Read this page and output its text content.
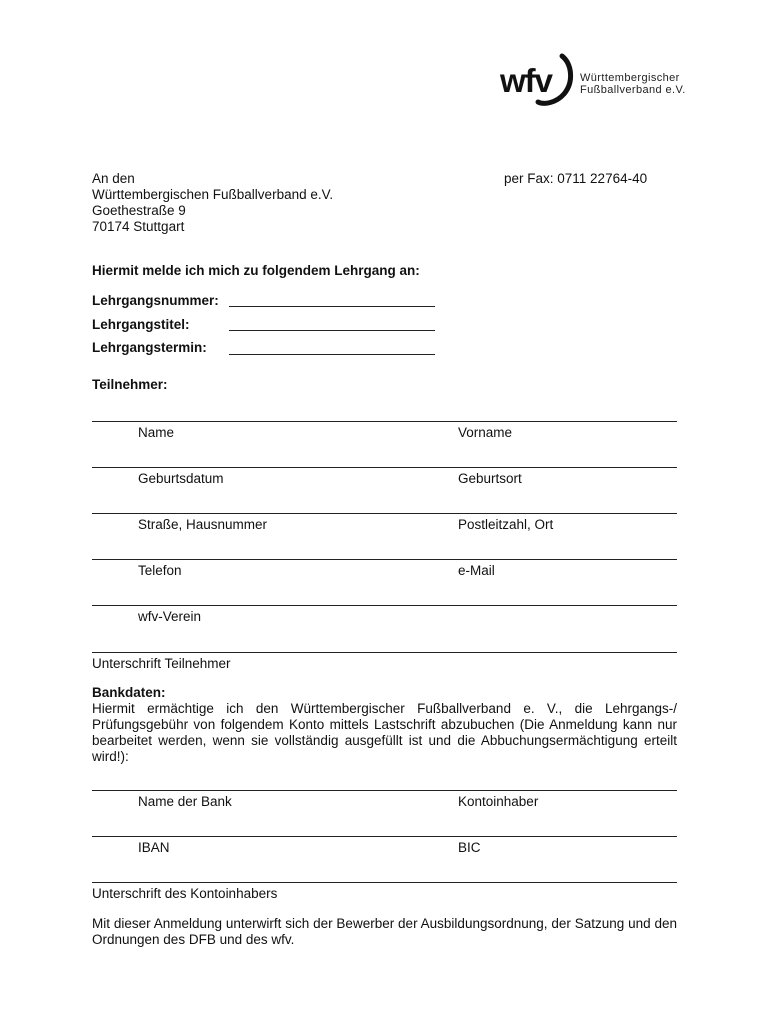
wfv	Württembergischer
Fußballverband e.V.
An den
Württembergischen Fußballverband e.V.
Goethestraße 9
70174 Stuttgart
per Fax: 0711 22764-40
Hiermit melde ich mich zu folgendem Lehrgang an:
Lehrgangsnummer:
Lehrgangstitel:
Lehrgangstermin:
Teilnehmer:
Name	Vorname
Geburtsdatum	Geburtsort
Straße, Hausnummer	Postleitzahl, Ort
Telefon	e-Mail
wfv-Verein
Unterschrift Teilnehmer
Bankdaten:
Hiermit ermächtige ich den Württembergischer Fußballverband e. V., die Lehrgangs-/ Prüfungsgebühr von folgendem Konto mittels Lastschrift abzubuchen (Die Anmeldung kann nur bearbeitet werden, wenn sie vollständig ausgefüllt ist und die Abbuchungsermächtigung erteilt wird!):
Name der Bank	Kontoinhaber
IBAN	BIC
Unterschrift des Kontoinhabers
Mit dieser Anmeldung unterwirft sich der Bewerber der Ausbildungsordnung, der Satzung und den Ordnungen des DFB und des wfv.
